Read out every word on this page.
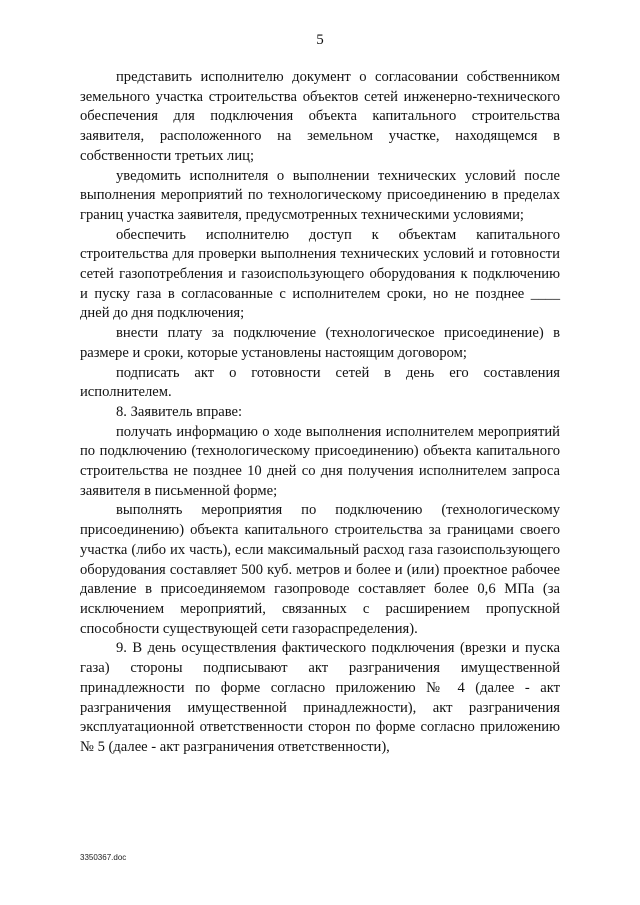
5

представить исполнителю документ о согласовании собственником земельного участка строительства объектов сетей инженерно-технического обеспечения для подключения объекта капитального строительства заявителя, расположенного на земельном участке, находящемся в собственности третьих лиц;

уведомить исполнителя о выполнении технических условий после выполнения мероприятий по технологическому присоединению в пределах границ участка заявителя, предусмотренных техническими условиями;

обеспечить исполнителю доступ к объектам капитального строительства для проверки выполнения технических условий и готовности сетей газопотребления и газоиспользующего оборудования к подключению и пуску газа в согласованные с исполнителем сроки, но не позднее ____ дней до дня подключения;

внести плату за подключение (технологическое присоединение) в размере и сроки, которые установлены настоящим договором;

подписать акт о готовности сетей в день его составления исполнителем.

8. Заявитель вправе:

получать информацию о ходе выполнения исполнителем мероприятий по подключению (технологическому присоединению) объекта капитального строительства не позднее 10 дней со дня получения исполнителем запроса заявителя в письменной форме;

выполнять мероприятия по подключению (технологическому присоединению) объекта капитального строительства за границами своего участка (либо их часть), если максимальный расход газа газоиспользующего оборудования составляет 500 куб. метров и более и (или) проектное рабочее давление в присоединяемом газопроводе составляет более 0,6 МПа (за исключением мероприятий, связанных с расширением пропускной способности существующей сети газораспределения).

9. В день осуществления фактического подключения (врезки и пуска газа) стороны подписывают акт разграничения имущественной принадлежности по форме согласно приложению № 4 (далее - акт разграничения имущественной принадлежности), акт разграничения эксплуатационной ответственности сторон по форме согласно приложению № 5 (далее - акт разграничения ответственности),

3350367.doc
